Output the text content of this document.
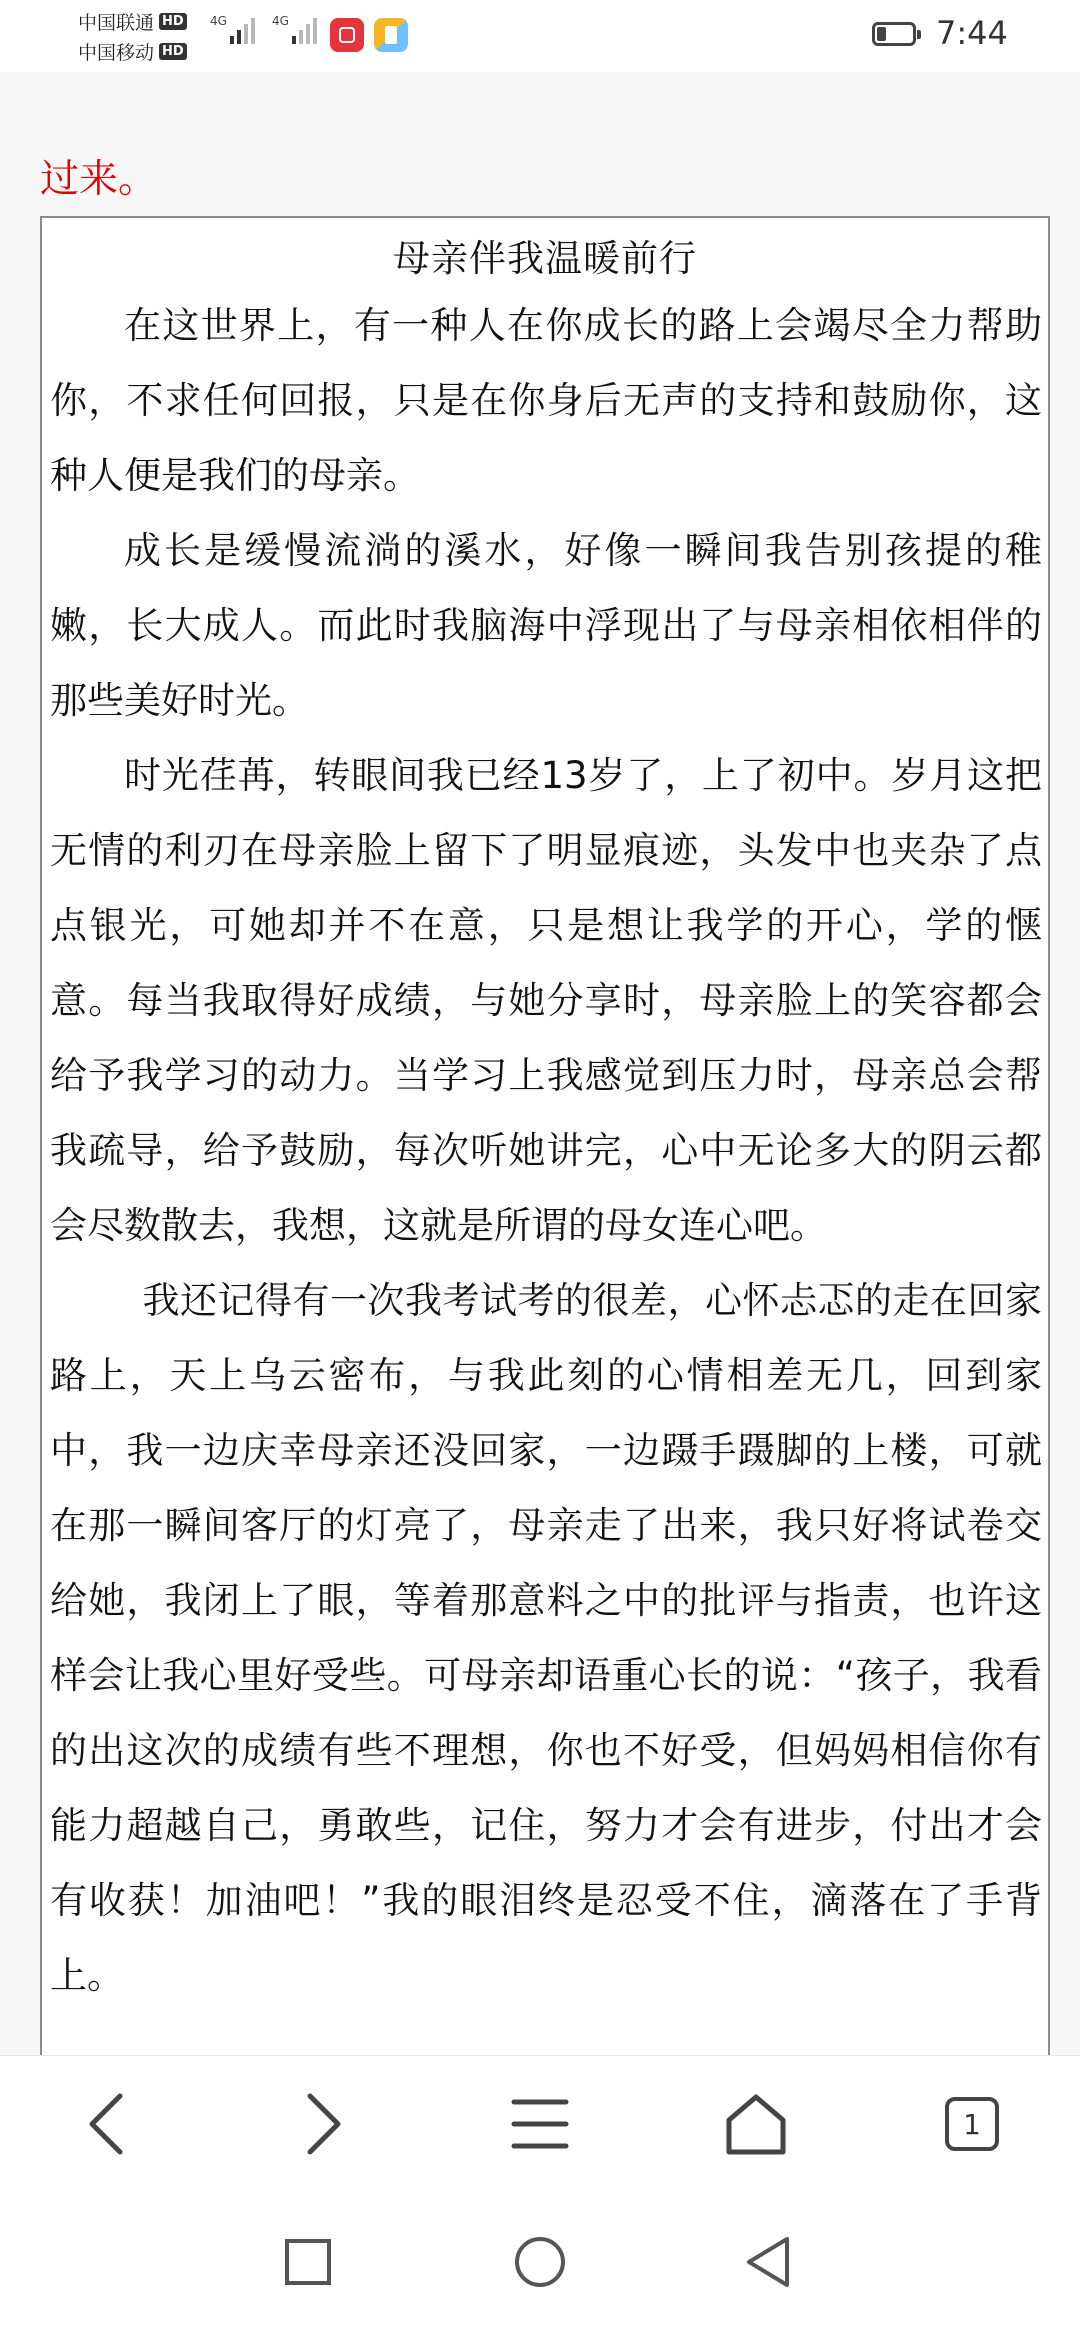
中国联通 HD
中国移动 HD
4G	4G	7:44
过来。
母亲伴我温暖前行

在这世界上，有一种人在你成长的路上会竭尽全力帮助你，不求任何回报，只是在你身后无声的支持和鼓励你，这种人便是我们的母亲。

成长是缓慢流淌的溪水，好像一瞬间我告别孩提的稚嫩，长大成人。而此时我脑海中浮现出了与母亲相依相伴的那些美好时光。

时光荏苒，转眼间我已经13岁了，上了初中。岁月这把无情的利刃在母亲脸上留下了明显痕迹，头发中也夹杂了点点银光，可她却并不在意，只是想让我学的开心，学的惬意。每当我取得好成绩，与她分享时，母亲脸上的笑容都会给予我学习的动力。当学习上我感觉到压力时，母亲总会帮我疏导，给予鼓励，每次听她讲完，心中无论多大的阴云都会尽数散去，我想，这就是所谓的母女连心吧。

我还记得有一次我考试考的很差，心怀忐忑的走在回家路上，天上乌云密布，与我此刻的心情相差无几，回到家中，我一边庆幸母亲还没回家，一边蹑手蹑脚的上楼，可就在那一瞬间客厅的灯亮了，母亲走了出来，我只好将试卷交给她，我闭上了眼，等着那意料之中的批评与指责，也许这样会让我心里好受些。可母亲却语重心长的说：“孩子，我看的出这次的成绩有些不理想，你也不好受，但妈妈相信你有能力超越自己，勇敢些，记住，努力才会有进步，付出才会有收获！加油吧！”我的眼泪终是忍受不住，滴落在了手背上。

1
